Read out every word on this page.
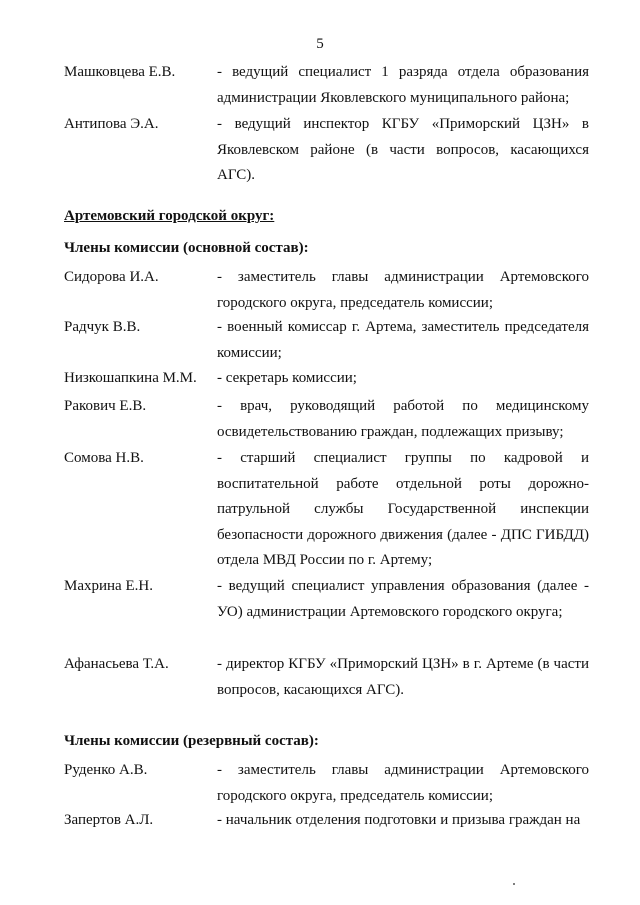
5
Машковцева Е.В.	- ведущий специалист 1 разряда отдела образования администрации Яковлевского муниципального района;
Антипова Э.А.	- ведущий инспектор КГБУ «Приморский ЦЗН» в Яковлевском районе (в части вопросов, касающихся АГС).
Артемовский городской округ:
Члены комиссии (основной состав):
Сидорова И.А.	- заместитель главы администрации Артемовского городского округа, председатель комиссии;
Радчук В.В.	- военный комиссар г. Артема, заместитель председателя комиссии;
Низкошапкина М.М. - секретарь комиссии;
Ракович Е.В.	- врач, руководящий работой по медицинскому освидетельствованию граждан, подлежащих призыву;
Сомова Н.В.	- старший специалист группы по кадровой и воспитательной работе отдельной роты дорожно-патрульной службы Государственной инспекции безопасности дорожного движения (далее - ДПС ГИБДД) отдела МВД России по г. Артему;
Махрина Е.Н.	- ведущий специалист управления образования (далее - УО) администрации Артемовского городского округа;
Афанасьева Т.А.	- директор КГБУ «Приморский ЦЗН» в г. Артеме (в части вопросов, касающихся АГС).
Члены комиссии (резервный состав):
Руденко А.В.	- заместитель главы администрации Артемовского городского округа, председатель комиссии;
Запертов А.Л.	- начальник отделения подготовки и призыва граждан на
